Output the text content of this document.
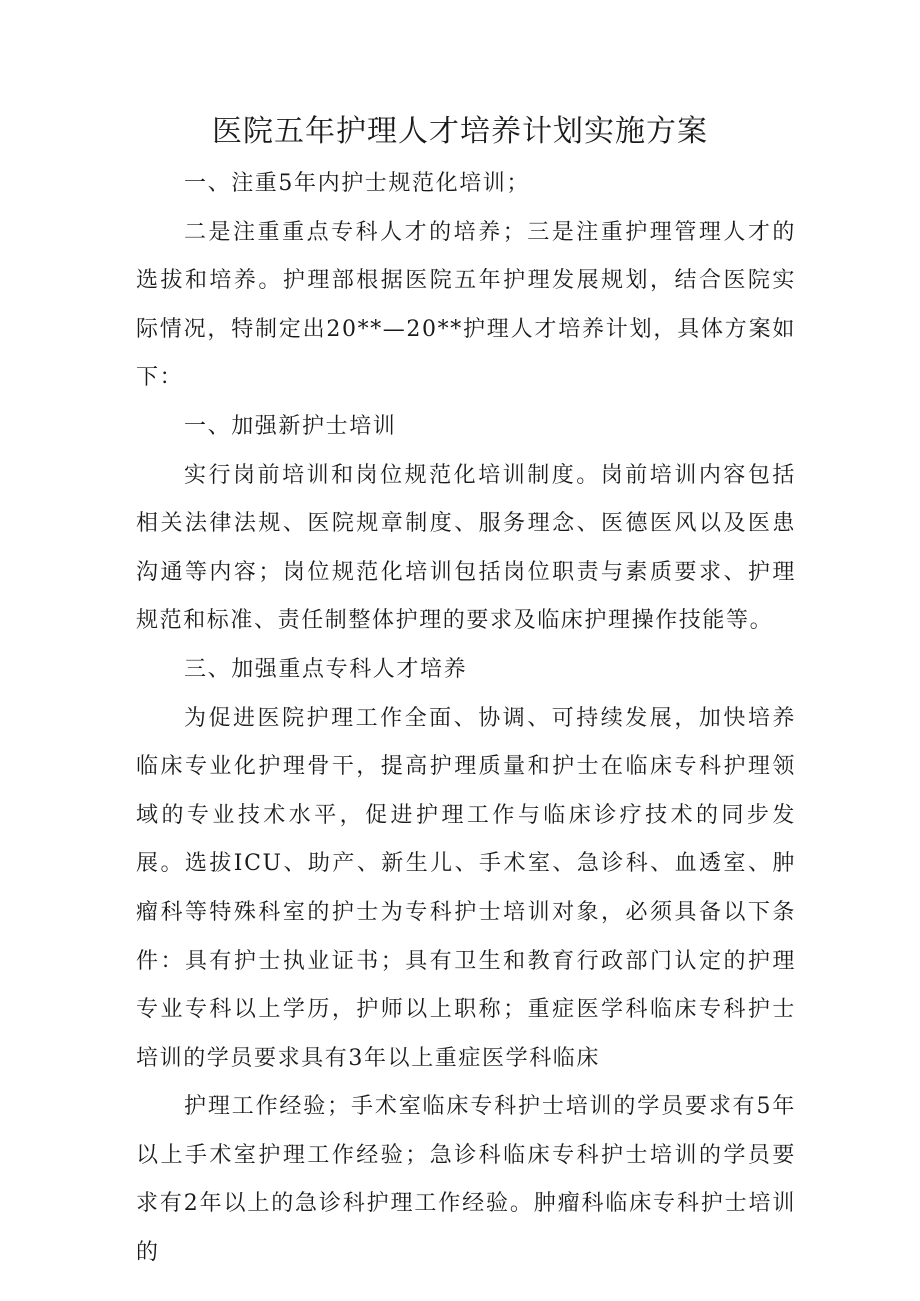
医院五年护理人才培养计划实施方案

一、注重5年内护士规范化培训；

二是注重重点专科人才的培养；三是注重护理管理人才的选拔和培养。护理部根据医院五年护理发展规划，结合医院实际情况，特制定出20**—20**护理人才培养计划，具体方案如下：

一、加强新护士培训

实行岗前培训和岗位规范化培训制度。岗前培训内容包括相关法律法规、医院规章制度、服务理念、医德医风以及医患沟通等内容；岗位规范化培训包括岗位职责与素质要求、护理规范和标准、责任制整体护理的要求及临床护理操作技能等。

三、加强重点专科人才培养

为促进医院护理工作全面、协调、可持续发展，加快培养临床专业化护理骨干，提高护理质量和护士在临床专科护理领域的专业技术水平，促进护理工作与临床诊疗技术的同步发展。选拔ICU、助产、新生儿、手术室、急诊科、血透室、肿瘤科等特殊科室的护士为专科护士培训对象，必须具备以下条件：具有护士执业证书；具有卫生和教育行政部门认定的护理专业专科以上学历，护师以上职称；重症医学科临床专科护士培训的学员要求具有3年以上重症医学科临床

护理工作经验；手术室临床专科护士培训的学员要求有5年以上手术室护理工作经验；急诊科临床专科护士培训的学员要求有2年以上的急诊科护理工作经验。肿瘤科临床专科护士培训的
